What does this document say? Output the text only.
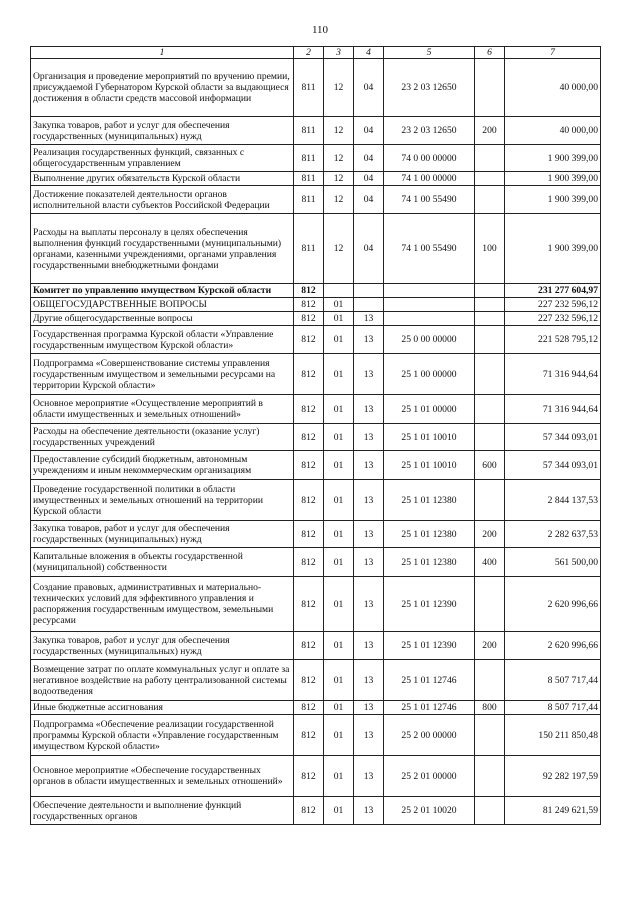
110
1	2	3	4	5	6	7
Организация и проведение мероприятий по вручению премии, присуждаемой Губернатором Курской области за выдающиеся достижения в области средств массовой информации	811	12	04	23 2 03 12650		40 000,00
Закупка товаров, работ и услуг для обеспечения государственных (муниципальных) нужд	811	12	04	23 2 03 12650	200	40 000,00
Реализация государственных функций, связанных с общегосударственным управлением	811	12	04	74 0 00 00000		1 900 399,00
Выполнение других обязательств Курской области	811	12	04	74 1 00 00000		1 900 399,00
Достижение показателей деятельности органов исполнительной власти субъектов Российской Федерации	811	12	04	74 1 00 55490		1 900 399,00
Расходы на выплаты персоналу в целях обеспечения выполнения функций государственными (муниципальными) органами, казенными учреждениями, органами управления государственными внебюджетными фондами	811	12	04	74 1 00 55490	100	1 900 399,00
Комитет по управлению имуществом Курской области	812					231 277 604,97
ОБЩЕГОСУДАРСТВЕННЫЕ ВОПРОСЫ	812	01				227 232 596,12
Другие общегосударственные вопросы	812	01	13			227 232 596,12
Государственная программа Курской области «Управление государственным имуществом Курской области»	812	01	13	25 0 00 00000		221 528 795,12
Подпрограмма «Совершенствование системы управления государственным имуществом и земельными ресурсами на территории Курской области»	812	01	13	25 1 00 00000		71 316 944,64
Основное мероприятие «Осуществление мероприятий в области имущественных и земельных отношений»	812	01	13	25 1 01 00000		71 316 944,64
Расходы на обеспечение деятельности (оказание услуг) государственных учреждений	812	01	13	25 1 01 10010		57 344 093,01
Предоставление субсидий бюджетным, автономным учреждениям и иным некоммерческим организациям	812	01	13	25 1 01 10010	600	57 344 093,01
Проведение государственной политики в области имущественных и земельных отношений на территории Курской области	812	01	13	25 1 01 12380		2 844 137,53
Закупка товаров, работ и услуг для обеспечения государственных (муниципальных) нужд	812	01	13	25 1 01 12380	200	2 282 637,53
Капитальные вложения в объекты государственной (муниципальной) собственности	812	01	13	25 1 01 12380	400	561 500,00
Создание правовых, административных и материально-технических условий для эффективного управления и распоряжения государственным имуществом, земельными ресурсами	812	01	13	25 1 01 12390		2 620 996,66
Закупка товаров, работ и услуг для обеспечения государственных (муниципальных) нужд	812	01	13	25 1 01 12390	200	2 620 996,66
Возмещение затрат по оплате коммунальных услуг и оплате за негативное воздействие на работу централизованной системы водоотведения	812	01	13	25 1 01 12746		8 507 717,44
Иные бюджетные ассигнования	812	01	13	25 1 01 12746	800	8 507 717,44
Подпрограмма «Обеспечение реализации государственной программы Курской области «Управление государственным имуществом Курской области»	812	01	13	25 2 00 00000		150 211 850,48
Основное мероприятие «Обеспечение государственных органов в области имущественных и земельных отношений»	812	01	13	25 2 01 00000		92 282 197,59
Обеспечение деятельности и выполнение функций государственных органов	812	01	13	25 2 01 10020		81 249 621,59
